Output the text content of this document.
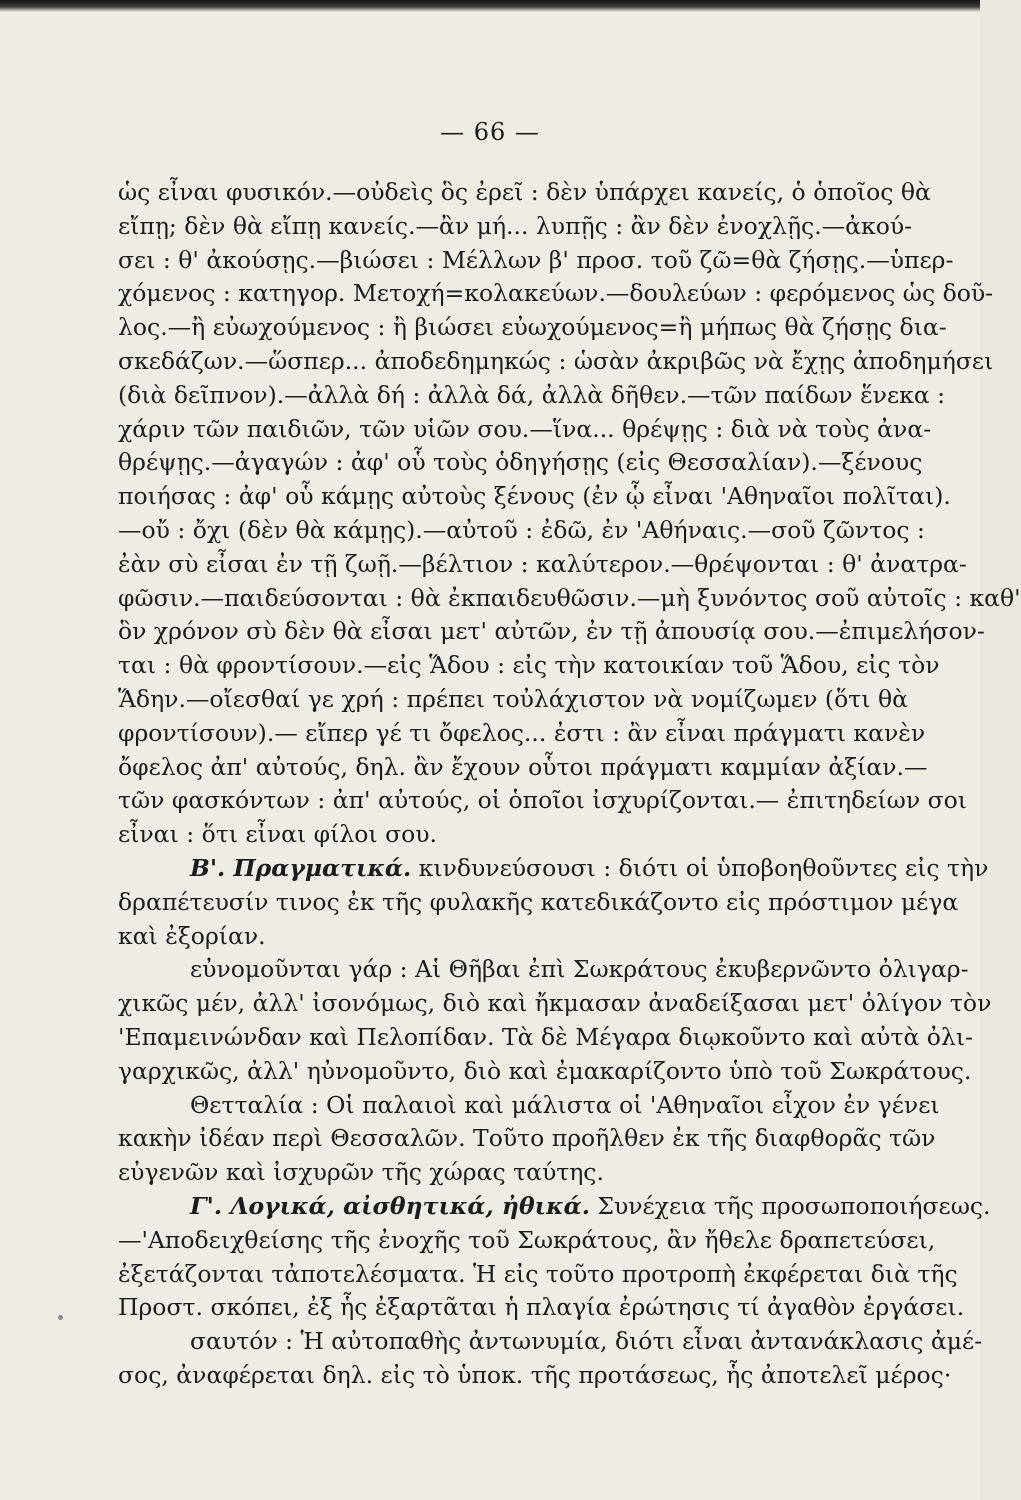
— 66 —
ὡς εἶναι φυσικόν.—οὐδεὶς ὃς ἐρεῖ : δὲν ὑπάρχει κανείς, ὁ ὁποῖος θὰ
εἴπῃ; δὲν θὰ εἴπῃ κανείς.—ἂν μή... λυπῇς : ἂν δὲν ἐνοχλῇς.—ἀκού-
σει : θ' ἀκούσῃς.—βιώσει : Μέλλων β' προσ. τοῦ ζῶ=θὰ ζήσῃς.—ὑπερ-
χόμενος : κατηγορ. Μετοχή=κολακεύων.—δουλεύων : φερόμενος ὡς δοῦ-
λος.—ἢ εὐωχούμενος : ἢ βιώσει εὐωχούμενος=ἢ μήπως θὰ ζήσῃς δια-
σκεδάζων.—ὥσπερ... ἀποδεδημηκώς : ὡσὰν ἀκριβῶς νὰ ἔχῃς ἀποδημήσει
(διὰ δεῖπνον).—ἀλλὰ δή : ἀλλὰ δά, ἀλλὰ δῆθεν.—τῶν παίδων ἕνεκα :
χάριν τῶν παιδιῶν, τῶν υἱῶν σου.—ἵνα... θρέψῃς : διὰ νὰ τοὺς ἀνα-
θρέψῃς.—ἀγαγών : ἀφ' οὗ τοὺς ὁδηγήσῃς (εἰς Θεσσαλίαν).—ξένους
ποιήσας : ἀφ' οὗ κάμῃς αὐτοὺς ξένους (ἐν ᾧ εἶναι 'Αθηναῖοι πολῖται).
—οὔ : ὄχι (δὲν θὰ κάμῃς).—αὐτοῦ : ἐδῶ, ἐν 'Αθήναις.—σοῦ ζῶντος :
ἐὰν σὺ εἶσαι ἐν τῇ ζωῇ.—βέλτιον : καλύτερον.—θρέψονται : θ' ἀνατρα-
φῶσιν.—παιδεύσονται : θὰ ἐκπαιδευθῶσιν.—μὴ ξυνόντος σοῦ αὐτοῖς : καθ'
ὃν χρόνον σὺ δὲν θὰ εἶσαι μετ' αὐτῶν, ἐν τῇ ἀπουσίᾳ σου.—ἐπιμελήσον-
ται : θὰ φροντίσουν.—εἰς Ἅδου : εἰς τὴν κατοικίαν τοῦ Ἅδου, εἰς τὸν
Ἅδην.—οἴεσθαί γε χρή : πρέπει τοὐλάχιστον νὰ νομίζωμεν (ὅτι θὰ
φροντίσουν).— εἴπερ γέ τι ὄφελος... ἐστι : ἂν εἶναι πράγματι κανὲν
ὄφελος ἀπ' αὐτούς, δηλ. ἂν ἔχουν οὗτοι πράγματι καμμίαν ἀξίαν.—
τῶν φασκόντων : ἀπ' αὐτούς, οἱ ὁποῖοι ἰσχυρίζονται.— ἐπιτηδείων σοι
εἶναι : ὅτι εἶναι φίλοι σου.
Β'. Πραγματικά. κινδυνεύσουσι : διότι οἱ ὑποβοηθοῦντες εἰς τὴν
δραπέτευσίν τινος ἐκ τῆς φυλακῆς κατεδικάζοντο εἰς πρόστιμον μέγα
καὶ ἐξορίαν.
εὐνομοῦνται γάρ : Αἱ Θῆβαι ἐπὶ Σωκράτους ἐκυβερνῶντο ὀλιγαρ-
χικῶς μέν, ἀλλ' ἰσονόμως, διὸ καὶ ἤκμασαν ἀναδείξασαι μετ' ὀλίγον τὸν
'Επαμεινώνδαν καὶ Πελοπίδαν. Τὰ δὲ Μέγαρα διῳκοῦντο καὶ αὐτὰ ὀλι-
γαρχικῶς, ἀλλ' ηὐνομοῦντο, διὸ καὶ ἐμακαρίζοντο ὑπὸ τοῦ Σωκράτους.
Θετταλία : Οἱ παλαιοὶ καὶ μάλιστα οἱ 'Αθηναῖοι εἶχον ἐν γένει
κακὴν ἰδέαν περὶ Θεσσαλῶν. Τοῦτο προῆλθεν ἐκ τῆς διαφθορᾶς τῶν
εὐγενῶν καὶ ἰσχυρῶν τῆς χώρας ταύτης.
Γ'. Λογικά, αἰσθητικά, ἠθικά. Συνέχεια τῆς προσωποποιήσεως.
—'Αποδειχθείσης τῆς ἐνοχῆς τοῦ Σωκράτους, ἂν ἤθελε δραπετεύσει,
ἐξετάζονται τἀποτελέσματα. Ἡ εἰς τοῦτο προτροπὴ ἐκφέρεται διὰ τῆς
Προστ. σκόπει, ἐξ ἧς ἐξαρτᾶται ἡ πλαγία ἐρώτησις τί ἀγαθὸν ἐργάσει.
σαυτόν : Ἡ αὐτοπαθὴς ἀντωνυμία, διότι εἶναι ἀντανάκλασις ἀμέ-
σος, ἀναφέρεται δηλ. εἰς τὸ ὑποκ. τῆς προτάσεως, ἧς ἀποτελεῖ μέρος·
